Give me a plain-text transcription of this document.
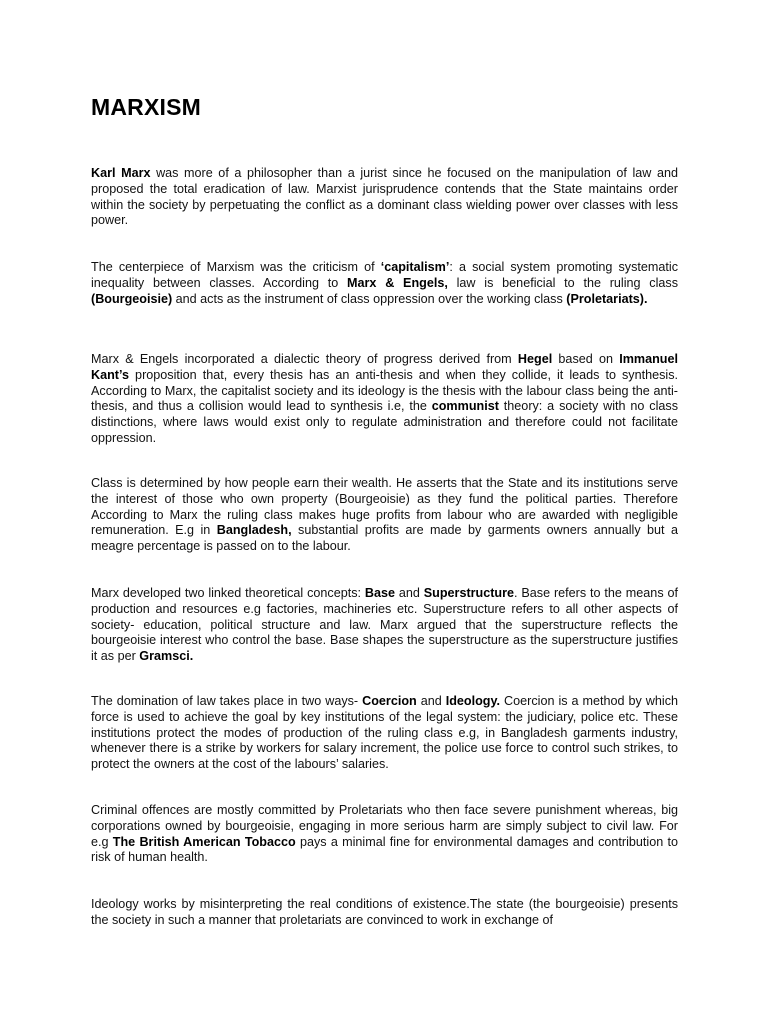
MARXISM

Karl Marx was more of a philosopher than a jurist since he focused on the manipulation of law and proposed the total eradication of law. Marxist jurisprudence contends that the State maintains order within the society by perpetuating the conflict as a dominant class wielding power over classes with less power.

The centerpiece of Marxism was the criticism of ‘capitalism’: a social system promoting systematic inequality between classes. According to Marx & Engels, law is beneficial to the ruling class (Bourgeoisie) and acts as the instrument of class oppression over the working class (Proletariats).

Marx & Engels incorporated a dialectic theory of progress derived from Hegel based on Immanuel Kant’s proposition that, every thesis has an anti-thesis and when they collide, it leads to synthesis. According to Marx, the capitalist society and its ideology is the thesis with the labour class being the anti-thesis, and thus a collision would lead to synthesis i.e, the communist theory: a society with no class distinctions, where laws would exist only to regulate administration and therefore could not facilitate oppression.

Class is determined by how people earn their wealth. He asserts that the State and its institutions serve the interest of those who own property (Bourgeoisie) as they fund the political parties. Therefore According to Marx the ruling class makes huge profits from labour who are awarded with negligible remuneration. E.g in Bangladesh, substantial profits are made by garments owners annually but a meagre percentage is passed on to the labour.

Marx developed two linked theoretical concepts: Base and Superstructure. Base refers to the means of production and resources e.g factories, machineries etc. Superstructure refers to all other aspects of society- education, political structure and law. Marx argued that the superstructure reflects the bourgeoisie interest who control the base. Base shapes the superstructure as the superstructure justifies it as per Gramsci.

The domination of law takes place in two ways- Coercion and Ideology. Coercion is a method by which force is used to achieve the goal by key institutions of the legal system: the judiciary, police etc. These institutions protect the modes of production of the ruling class e.g, in Bangladesh garments industry, whenever there is a strike by workers for salary increment, the police use force to control such strikes, to protect the owners at the cost of the labours’ salaries.

Criminal offences are mostly committed by Proletariats who then face severe punishment whereas, big corporations owned by bourgeoisie, engaging in more serious harm are simply subject to civil law. For e.g The British American Tobacco pays a minimal fine for environmental damages and contribution to risk of human health.

Ideology works by misinterpreting the real conditions of existence.The state (the bourgeoisie) presents the society in such a manner that proletariats are convinced to work in exchange of
